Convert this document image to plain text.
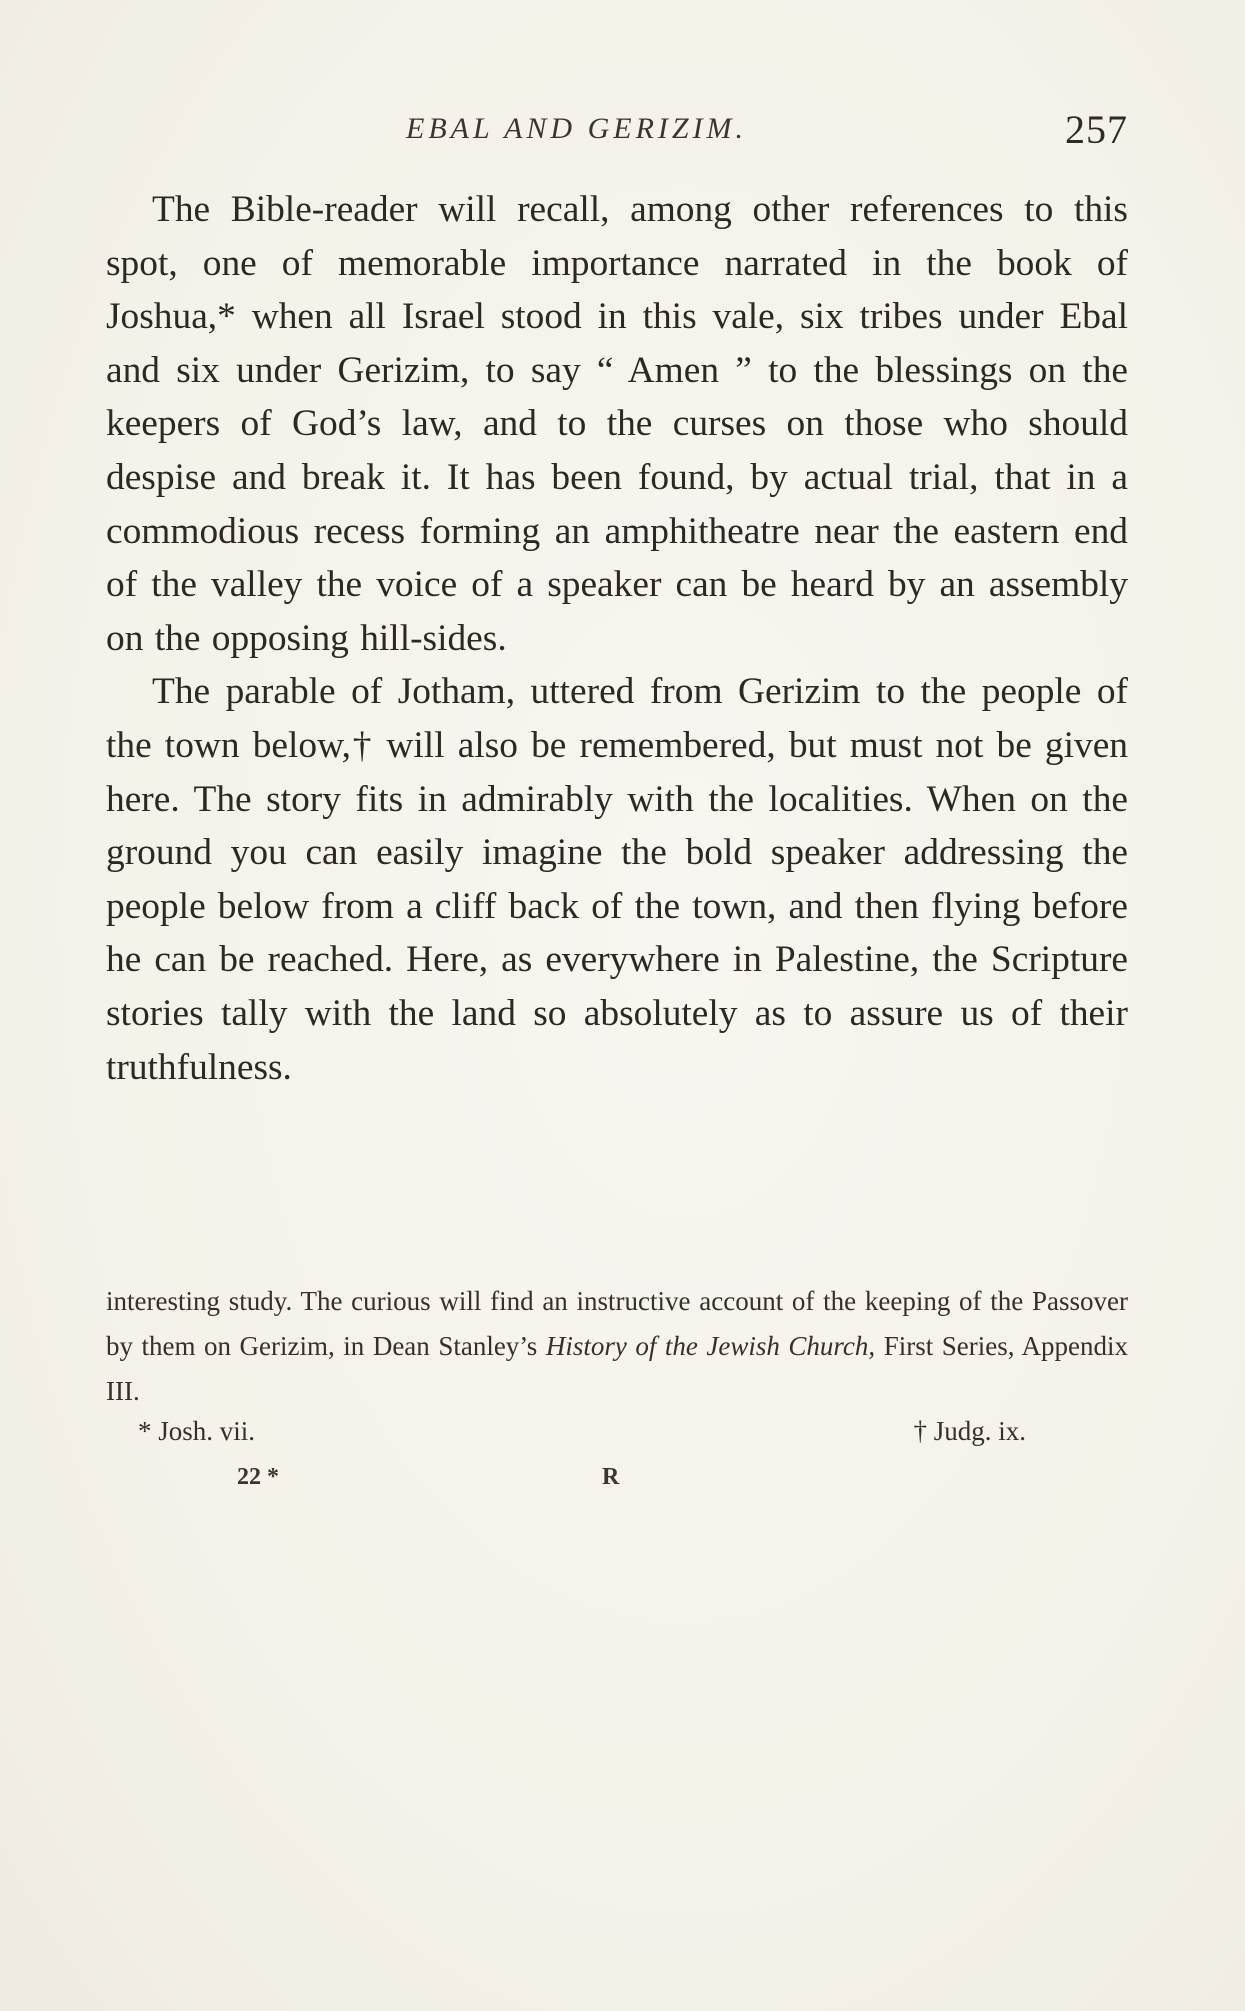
EBAL AND GERIZIM.	257

The Bible-reader will recall, among other references to this spot, one of memorable importance narrated in the book of Joshua,* when all Israel stood in this vale, six tribes under Ebal and six under Gerizim, to say “ Amen ” to the blessings on the keepers of God’s law, and to the curses on those who should despise and break it. It has been found, by actual trial, that in a commodious recess forming an amphitheatre near the eastern end of the valley the voice of a speaker can be heard by an assembly on the opposing hill-sides.

The parable of Jotham, uttered from Gerizim to the people of the town below,† will also be remembered, but must not be given here. The story fits in admirably with the localities. When on the ground you can easily imagine the bold speaker addressing the people below from a cliff back of the town, and then flying before he can be reached. Here, as everywhere in Palestine, the Scripture stories tally with the land so absolutely as to assure us of their truthfulness.

interesting study. The curious will find an instructive account of the keeping of the Passover by them on Gerizim, in Dean Stanley’s History of the Jewish Church, First Series, Appendix III.

* Josh. vii.	† Judg. ix.
22 *	R
